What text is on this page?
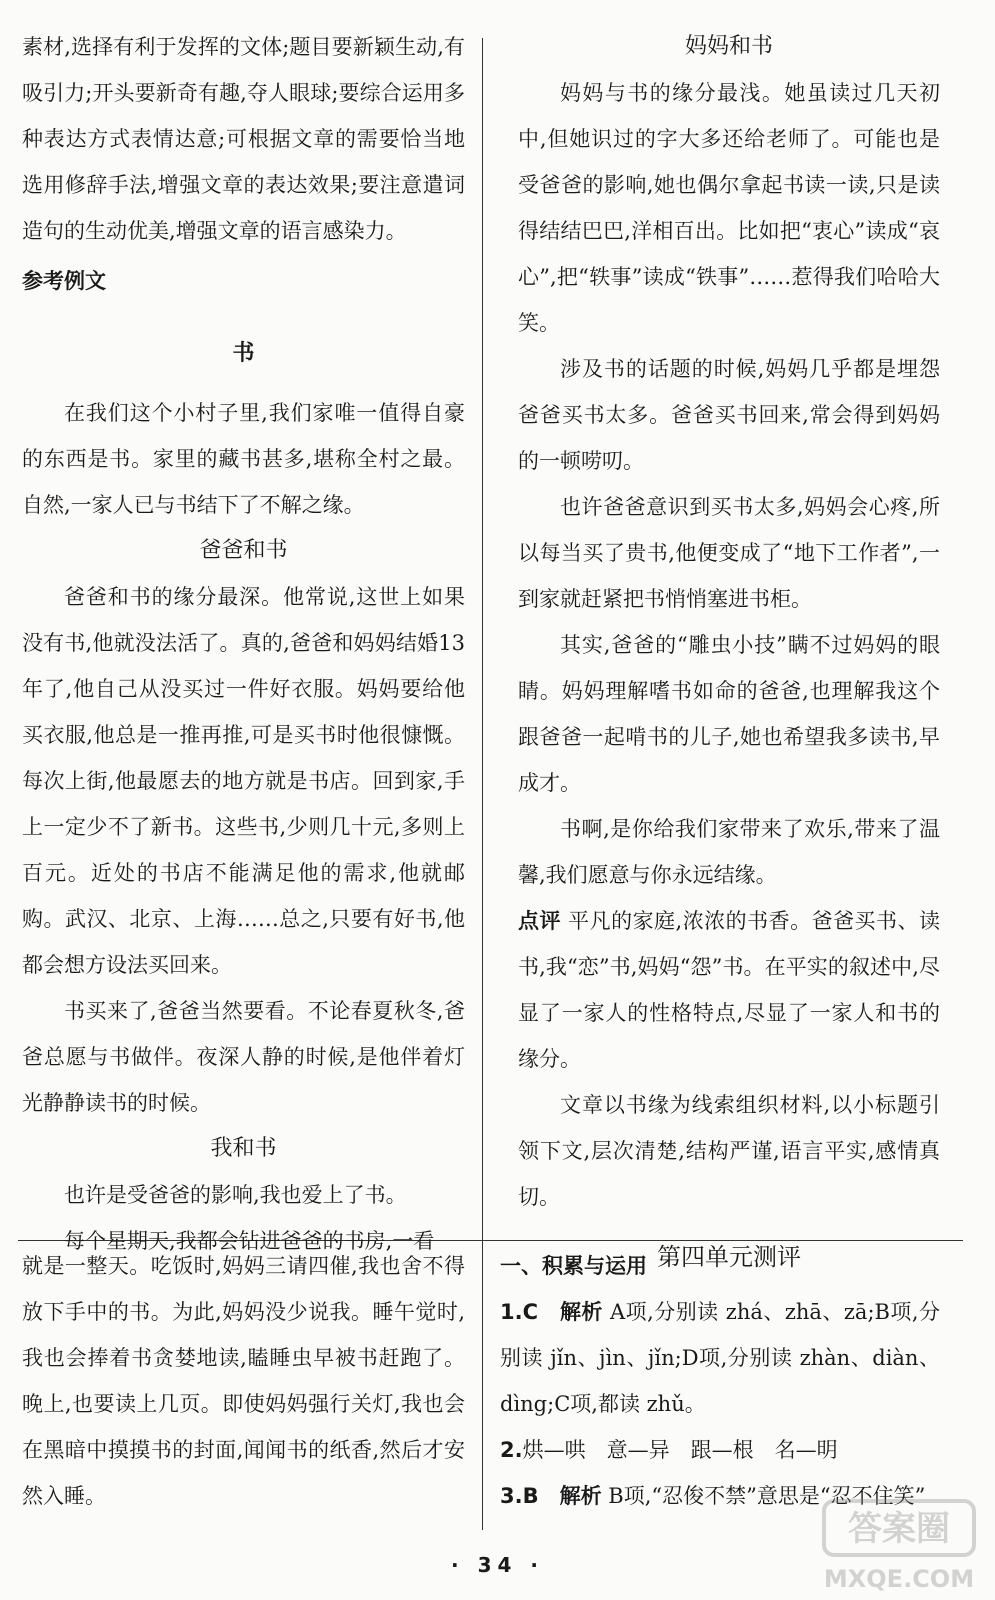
素材,选择有利于发挥的文体;题目要新颖生动,有吸引力;开头要新奇有趣,夺人眼球;要综合运用多种表达方式表情达意;可根据文章的需要恰当地选用修辞手法,增强文章的表达效果;要注意遣词造句的生动优美,增强文章的语言感染力。

参考例文

书

在我们这个小村子里,我们家唯一值得自豪的东西是书。家里的藏书甚多,堪称全村之最。自然,一家人已与书结下了不解之缘。

爸爸和书

爸爸和书的缘分最深。他常说,这世上如果没有书,他就没法活了。真的,爸爸和妈妈结婚13年了,他自己从没买过一件好衣服。妈妈要给他买衣服,他总是一推再推,可是买书时他很慷慨。每次上街,他最愿去的地方就是书店。回到家,手上一定少不了新书。这些书,少则几十元,多则上百元。近处的书店不能满足他的需求,他就邮购。武汉、北京、上海……总之,只要有好书,他都会想方设法买回来。

书买来了,爸爸当然要看。不论春夏秋冬,爸爸总愿与书做伴。夜深人静的时候,是他伴着灯光静静读书的时候。

我和书

也许是受爸爸的影响,我也爱上了书。

每个星期天,我都会钻进爸爸的书房,一看

妈妈和书

妈妈与书的缘分最浅。她虽读过几天初中,但她识过的字大多还给老师了。可能也是受爸爸的影响,她也偶尔拿起书读一读,只是读得结结巴巴,洋相百出。比如把“衷心”读成“哀心”,把“轶事”读成“铁事”……惹得我们哈哈大笑。

涉及书的话题的时候,妈妈几乎都是埋怨爸爸买书太多。爸爸买书回来,常会得到妈妈的一顿唠叨。

也许爸爸意识到买书太多,妈妈会心疼,所以每当买了贵书,他便变成了“地下工作者”,一到家就赶紧把书悄悄塞进书柜。

其实,爸爸的“雕虫小技”瞒不过妈妈的眼睛。妈妈理解嗜书如命的爸爸,也理解我这个跟爸爸一起啃书的儿子,她也希望我多读书,早成才。

书啊,是你给我们家带来了欢乐,带来了温馨,我们愿意与你永远结缘。

点评 平凡的家庭,浓浓的书香。爸爸买书、读书,我“恋”书,妈妈“怨”书。在平实的叙述中,尽显了一家人的性格特点,尽显了一家人和书的缘分。

文章以书缘为线索组织材料,以小标题引领下文,层次清楚,结构严谨,语言平实,感情真切。

第四单元测评

就是一整天。吃饭时,妈妈三请四催,我也舍不得放下手中的书。为此,妈妈没少说我。睡午觉时,我也会捧着书贪婪地读,瞌睡虫早被书赶跑了。晚上,也要读上几页。即使妈妈强行关灯,我也会在黑暗中摸摸书的封面,闻闻书的纸香,然后才安然入睡。

一、积累与运用

1.C　 解析 A项,分别读 zhá、zhā、zā;B项,分别读 jǐn、jìn、jǐn;D项,分别读 zhàn、diàn、dìng;C项,都读 zhǔ。

2.烘—哄　意—异　跟—根　名—明

3.B　 解析 B项,“忍俊不禁”意思是“忍不住笑”

· 34 ·
答案圈
MXQE.COM
